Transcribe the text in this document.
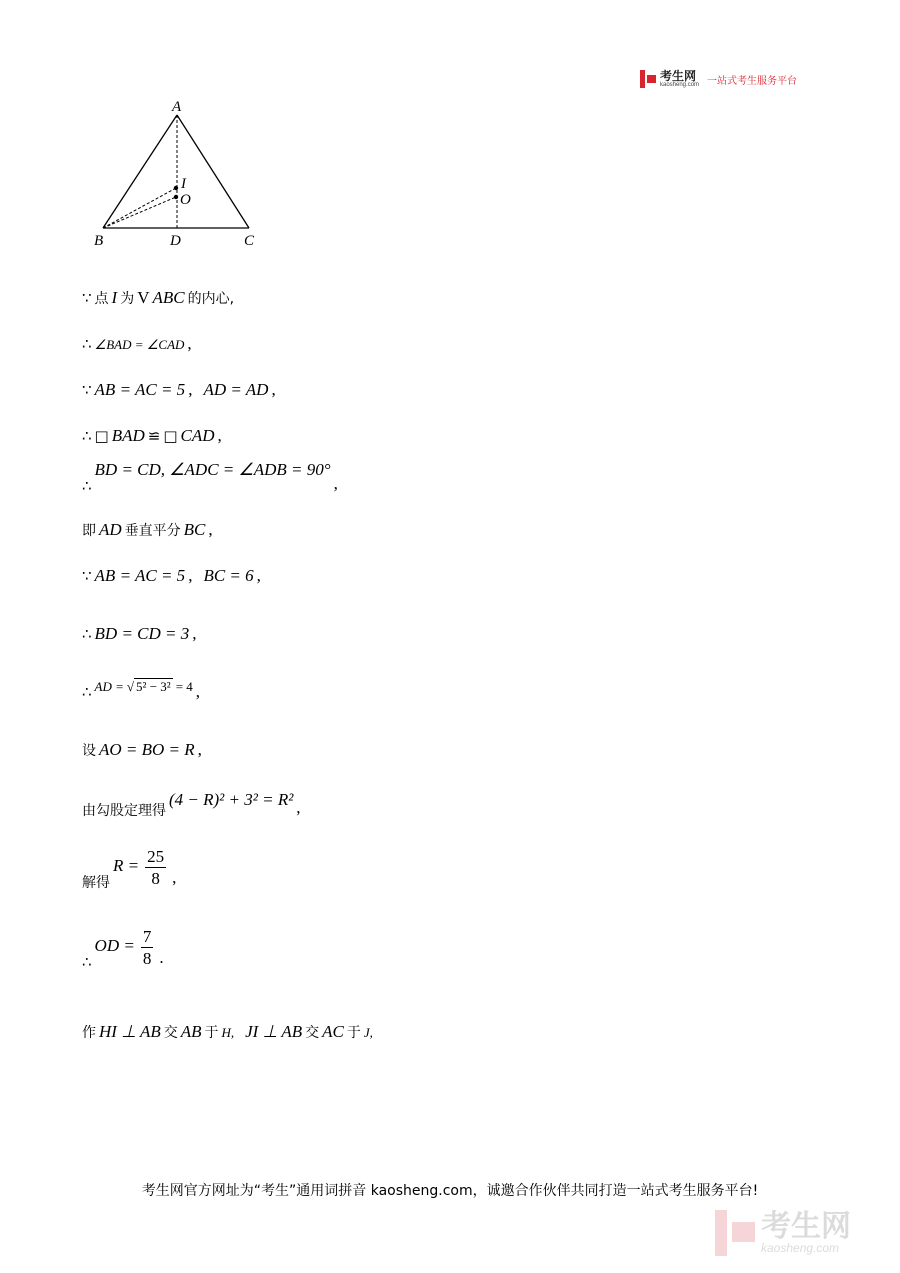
考生网
kaosheng.com 一站式考生服务平台
A
I
O
B	D	C
∵ 点 I 为 V ABC 的内心,
∴ ∠BAD = ∠CAD ,
∵ AB = AC = 5 , AD = AD ,
∴ □ BAD ≌ □ CAD ,
∴
BD = CD, ∠ADC = ∠ADB = 90°
,
即 AD 垂直平分 BC ,
∵ AB = AC = 5 , BC = 6 ,
∴ BD = CD = 3 ,
∴ AD = √ 5² − 3² = 4 ,
设 AO = BO = R ,
由勾股定理得
(4 − R)² + 3² = R² ,
解得
$R = \frac{25}{8}$ ,
∴
OD = $\frac{7}{8}$ .
作 HI ⊥ AB 交 AB 于 H, JI ⊥ AB 交 AC 于 J,
考生网官方网址为“考生”通用词拼音 kaosheng.com，诚邀合作伙伴共同打造一站式考生服务平台!
考生网
kaosheng.com
